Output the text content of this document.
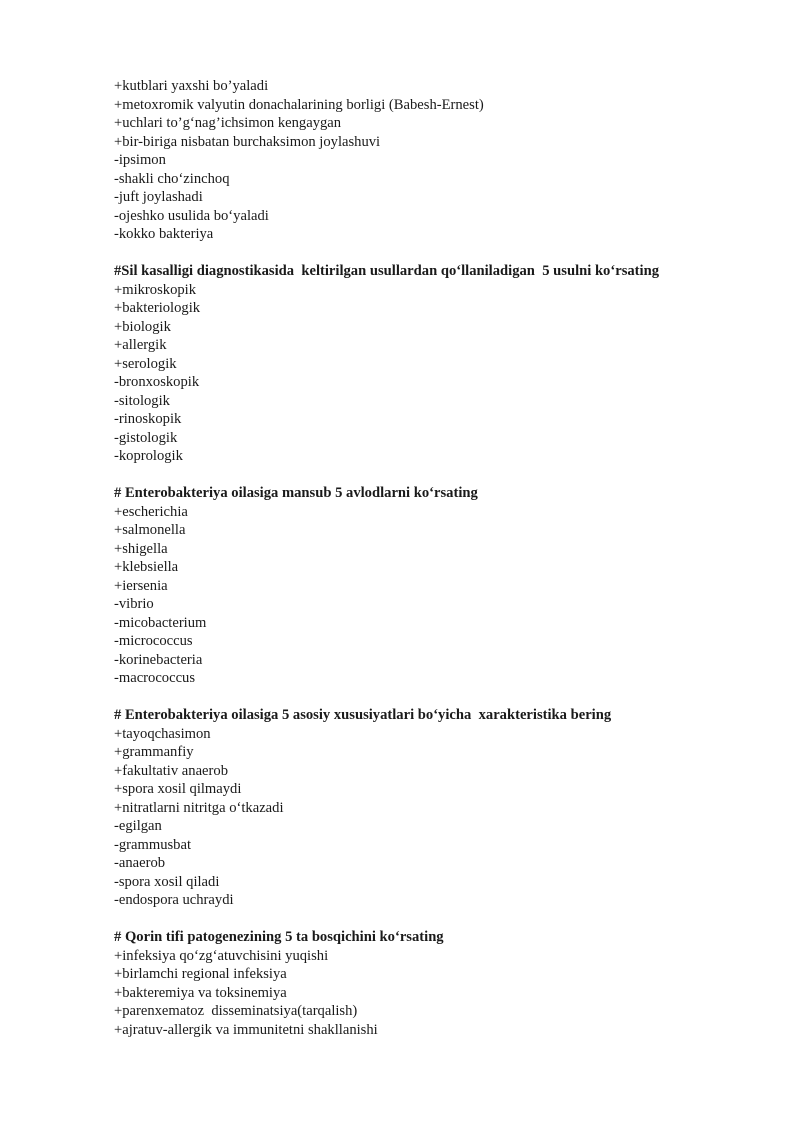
+kutblari yaxshi bo’yaladi
+metoxromik valyutin donachalarining borligi (Babesh-Ernest)
+uchlari to’g‘nag’ichsimon kengaygan
+bir-biriga nisbatan burchaksimon joylashuvi
-ipsimon
-shakli cho‘zinchoq
-juft joylashadi
-ojeshko usulida bo‘yaladi
-kokko bakteriya
#Sil kasalligi diagnostikasida  keltirilgan usullardan qo‘llaniladigan  5 usulni ko‘rsating
+mikroskopik
+bakteriologik
+biologik
+allergik
+serologik
-bronxoskopik
-sitologik
-rinoskopik
-gistologik
-koprologik
# Enterobakteriya oilasiga mansub 5 avlodlarni ko‘rsating
+escherichia
+salmonella
+shigella
+klebsiella
+iersenia
-vibrio
-micobacterium
-micrococcus
-korinebacteria
-macrococcus
# Enterobakteriya oilasiga 5 asosiy xususiyatlari bo‘yicha  xarakteristika bering
+tayoqchasimon
+grammanfiy
+fakultativ anaerob
+spora xosil qilmaydi
+nitratlarni nitritga o‘tkazadi
-egilgan
-grammusbat
-anaerob
-spora xosil qiladi
-endospora uchraydi
# Qorin tifi patogenezining 5 ta bosqichini ko‘rsating
+infeksiya qo‘zg‘atuvchisini yuqishi
+birlamchi regional infeksiya
+bakteremiya va toksinemiya
+parenxematoz  disseminatsiya(tarqalish)
+ajratuv-allergik va immunitetni shakllanishi
